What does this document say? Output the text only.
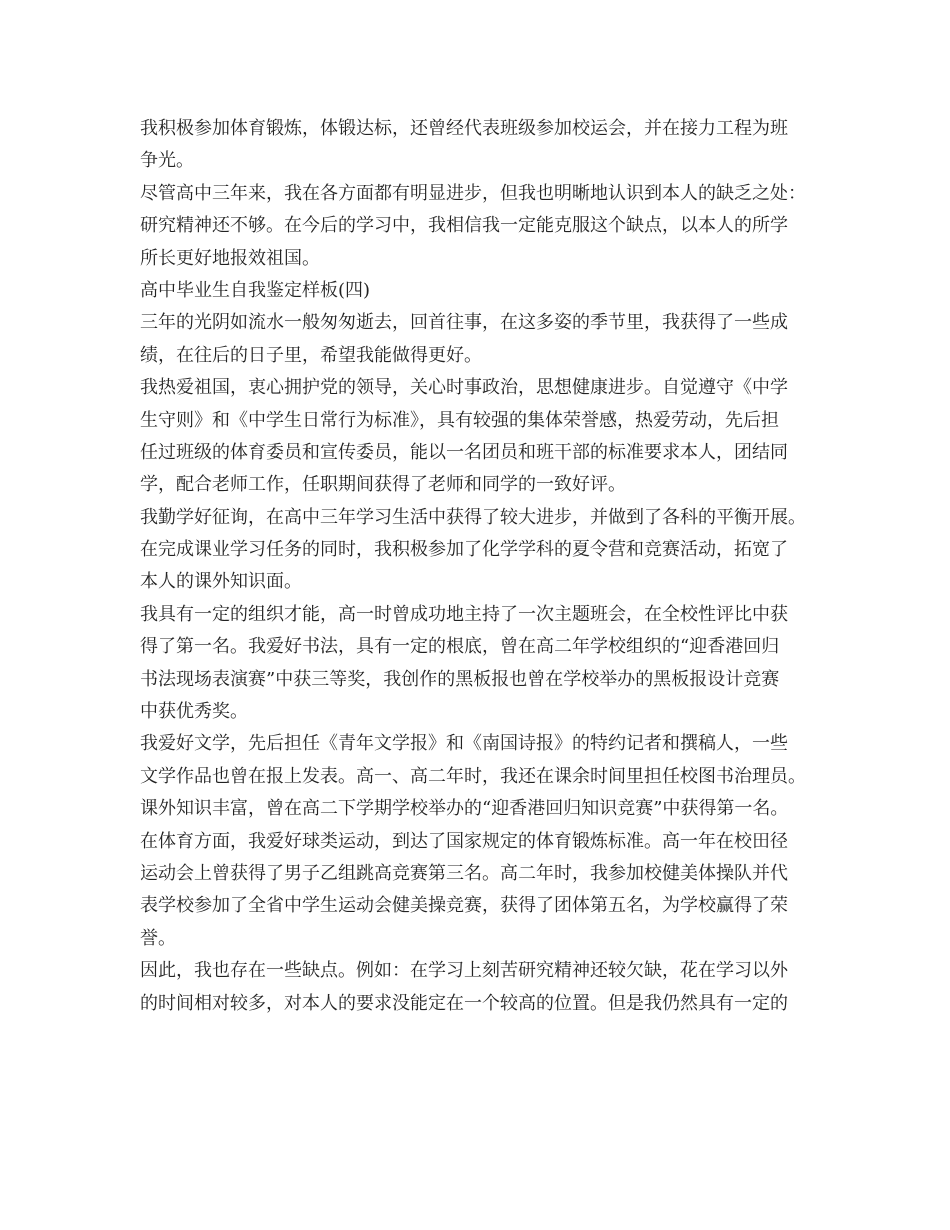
我积极参加体育锻炼，体锻达标，还曾经代表班级参加校运会，并在接力工程为班
争光。
尽管高中三年来，我在各方面都有明显进步，但我也明晰地认识到本人的缺乏之处：
研究精神还不够。在今后的学习中，我相信我一定能克服这个缺点，以本人的所学
所长更好地报效祖国。
高中毕业生自我鉴定样板(四)
三年的光阴如流水一般匆匆逝去，回首往事，在这多姿的季节里，我获得了一些成
绩，在往后的日子里，希望我能做得更好。
我热爱祖国，衷心拥护党的领导，关心时事政治，思想健康进步。自觉遵守《中学
生守则》和《中学生日常行为标准》，具有较强的集体荣誉感，热爱劳动，先后担
任过班级的体育委员和宣传委员，能以一名团员和班干部的标准要求本人，团结同
学，配合老师工作，任职期间获得了老师和同学的一致好评。
我勤学好征询，在高中三年学习生活中获得了较大进步，并做到了各科的平衡开展。
在完成课业学习任务的同时，我积极参加了化学学科的夏令营和竞赛活动，拓宽了
本人的课外知识面。
我具有一定的组织才能，高一时曾成功地主持了一次主题班会，在全校性评比中获
得了第一名。我爱好书法，具有一定的根底，曾在高二年学校组织的“迎香港回归
书法现场表演赛”中获三等奖，我创作的黑板报也曾在学校举办的黑板报设计竞赛
中获优秀奖。
我爱好文学，先后担任《青年文学报》和《南国诗报》的特约记者和撰稿人，一些
文学作品也曾在报上发表。高一、高二年时，我还在课余时间里担任校图书治理员。
课外知识丰富，曾在高二下学期学校举办的“迎香港回归知识竞赛”中获得第一名。
在体育方面，我爱好球类运动，到达了国家规定的体育锻炼标准。高一年在校田径
运动会上曾获得了男子乙组跳高竞赛第三名。高二年时，我参加校健美体操队并代
表学校参加了全省中学生运动会健美操竞赛，获得了团体第五名，为学校赢得了荣
誉。
因此，我也存在一些缺点。例如：在学习上刻苦研究精神还较欠缺，花在学习以外
的时间相对较多，对本人的要求没能定在一个较高的位置。但是我仍然具有一定的
